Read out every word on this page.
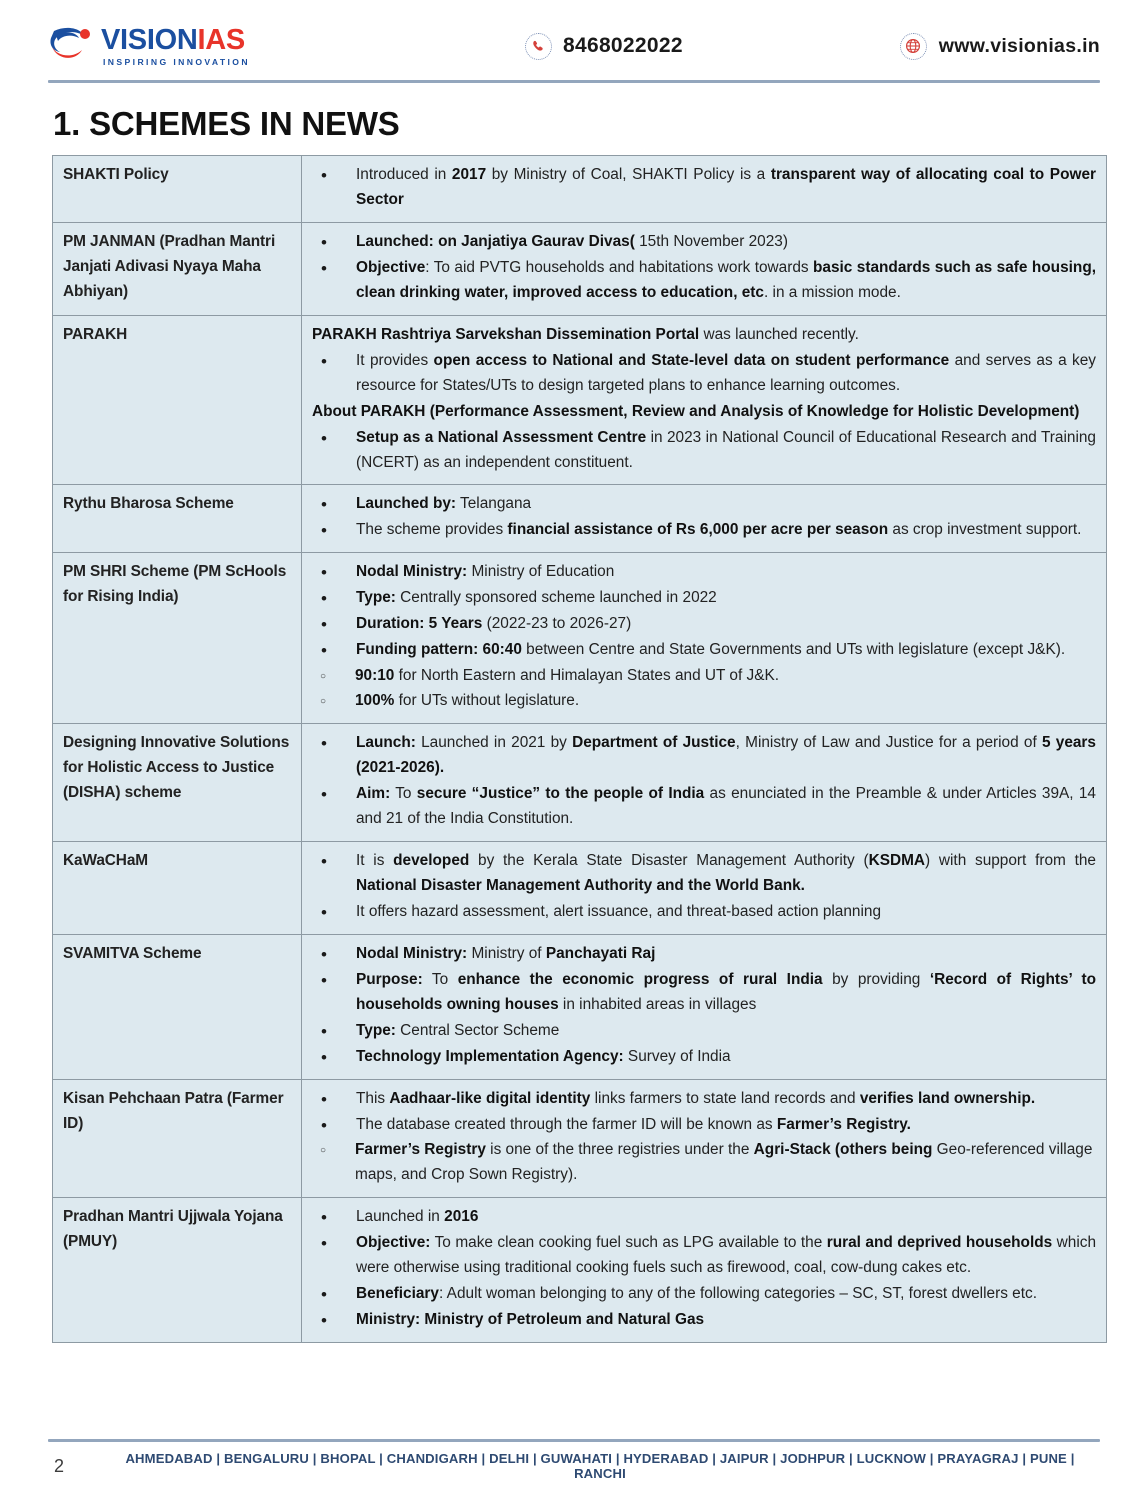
VISIONIAS
INSPIRING INNOVATION
8468022022	www.visionias.in
1. SCHEMES IN NEWS
SHAKTI Policy	
•Introduced in 2017 by Ministry of Coal, SHAKTI Policy is a transparent way of allocating coal to Power Sector

PM JANMAN (Pradhan Mantri Janjati Adivasi Nyaya Maha Abhiyan)	
• Launched: on Janjatiya Gaurav Divas( 15th November 2023)
• Objective: To aid PVTG households and habitations work towards basic standards such as safe housing, clean drinking water, improved access to education, etc. in a mission mode.

PARAKH	PARAKH Rashtriya Sarvekshan Dissemination Portal was launched recently.
• It provides open access to National and State-level data on student performance and serves as a key resource for States/UTs to design targeted plans to enhance learning outcomes.
About PARAKH (Performance Assessment, Review and Analysis of Knowledge for Holistic Development)
• Setup as a National Assessment Centre in 2023 in National Council of Educational Research and Training (NCERT) as an independent constituent.

Rythu Bharosa Scheme	
•Launched by: Telangana
• The scheme provides financial assistance of Rs 6,000 per acre per season as crop investment support.

PM SHRI Scheme (PM ScHools for Rising India)	
• Nodal Ministry: Ministry of Education
• Type: Centrally sponsored scheme launched in 2022
• Duration: 5 Years (2022-23 to 2026-27)
• Funding pattern: 60:40 between Centre and State Governments and UTs with legislature (except J&K).
○ 90:10 for North Eastern and Himalayan States and UT of J&K.
○ 100% for UTs without legislature.

Designing Innovative Solutions for Holistic Access to Justice (DISHA) scheme	
• Launch: Launched in 2021 by Department of Justice, Ministry of Law and Justice for a period of 5 years (2021-2026).
• Aim: To secure “Justice” to the people of India as enunciated in the Preamble & under Articles 39A, 14 and 21 of the India Constitution.

KaWaCHaM	
•It is developed by the Kerala State Disaster Management Authority (KSDMA) with support from the National Disaster Management Authority and the World Bank.
• It offers hazard assessment, alert issuance, and threat-based action planning

SVAMITVA Scheme	
•Nodal Ministry: Ministry of Panchayati Raj
• Purpose: To enhance the economic progress of rural India by providing ‘Record of Rights’ to households owning houses in inhabited areas in villages
• Type: Central Sector Scheme
• Technology Implementation Agency: Survey of India

Kisan Pehchaan Patra (Farmer ID)	
• This Aadhaar-like digital identity links farmers to state land records and verifies land ownership.
• The database created through the farmer ID will be known as Farmer’s Registry.
○ Farmer’s Registry is one of the three registries under the Agri-Stack (others being Geo-referenced village maps, and Crop Sown Registry).

Pradhan Mantri Ujjwala Yojana (PMUY)	
• Launched in 2016
• Objective: To make clean cooking fuel such as LPG available to the rural and deprived households which were otherwise using traditional cooking fuels such as firewood, coal, cow-dung cakes etc.
• Beneficiary: Adult woman belonging to any of the following categories – SC, ST, forest dwellers etc.
• Ministry: Ministry of Petroleum and Natural Gas
2	AHMEDABAD | BENGALURU | BHOPAL | CHANDIGARH | DELHI | GUWAHATI | HYDERABAD | JAIPUR | JODHPUR | LUCKNOW | PRAYAGRAJ | PUNE | RANCHI
